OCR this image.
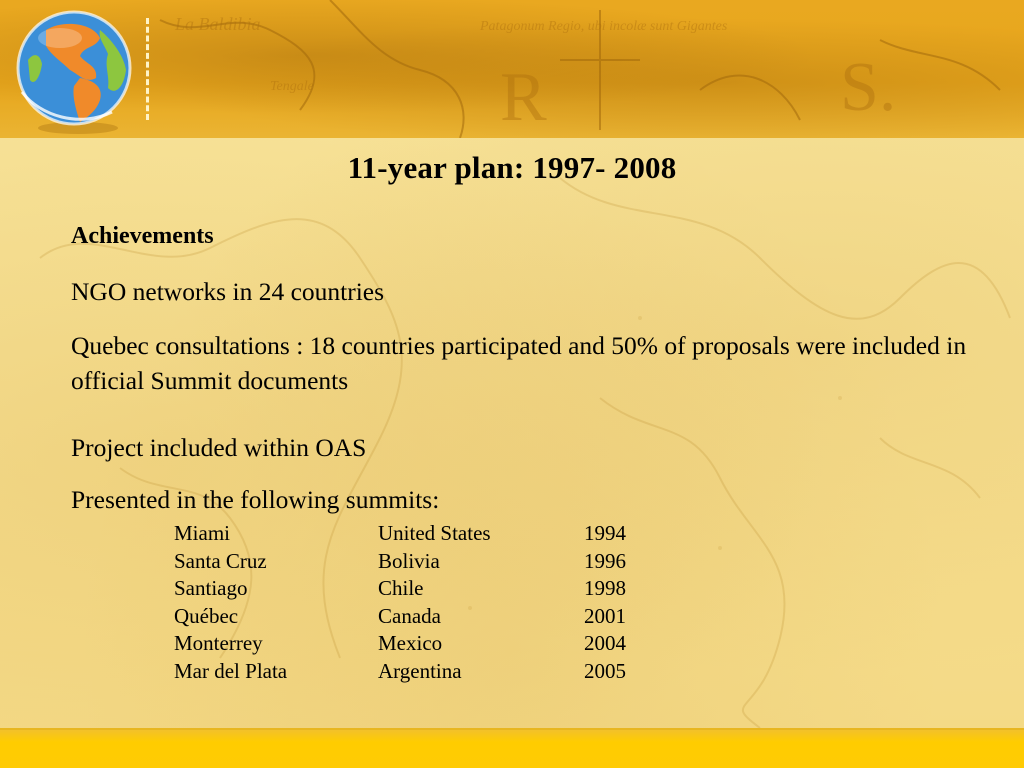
La Baldibia	Patagonum Regio, ubi incolæ sunt Gigantes
R	S.
Tengale
11-year plan: 1997- 2008

Achievements

NGO networks in 24 countries

Quebec consultations : 18 countries participated and 50% of proposals were included in official Summit documents

Project included within OAS

Presented in the following summits:

Miami	United States	1994
Santa Cruz	Bolivia	1996
Santiago	Chile	1998
Québec	Canada	2001
Monterrey	Mexico	2004
Mar del Plata	Argentina	2005
